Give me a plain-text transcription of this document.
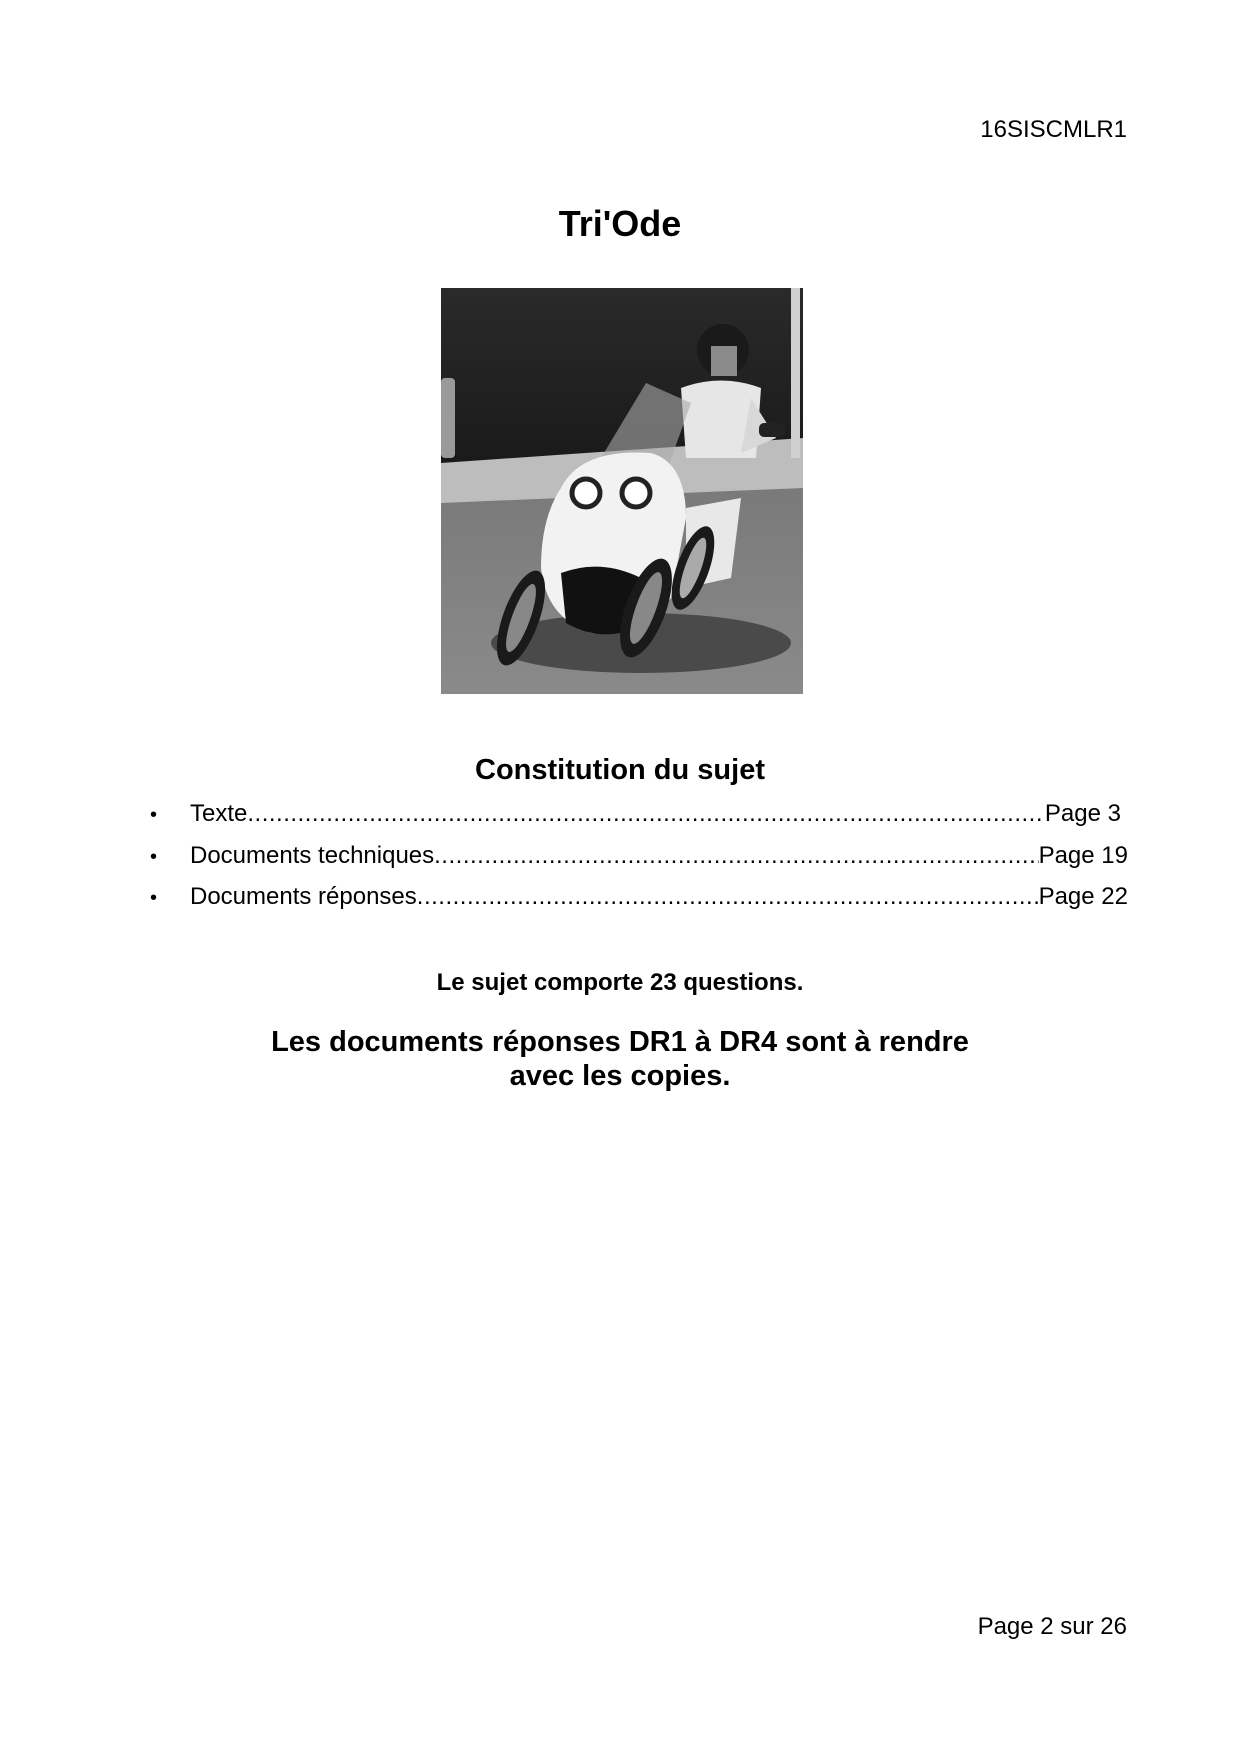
16SISCMLR1

Tri'Ode
Constitution du sujet
•	Texte .....	Page 3
•	Documents techniques .....	Page 19
•	Documents réponses .....	Page 22

Le sujet comporte 23 questions.

Les documents réponses DR1 à DR4 sont à rendre
avec les copies.

Page 2 sur 26
